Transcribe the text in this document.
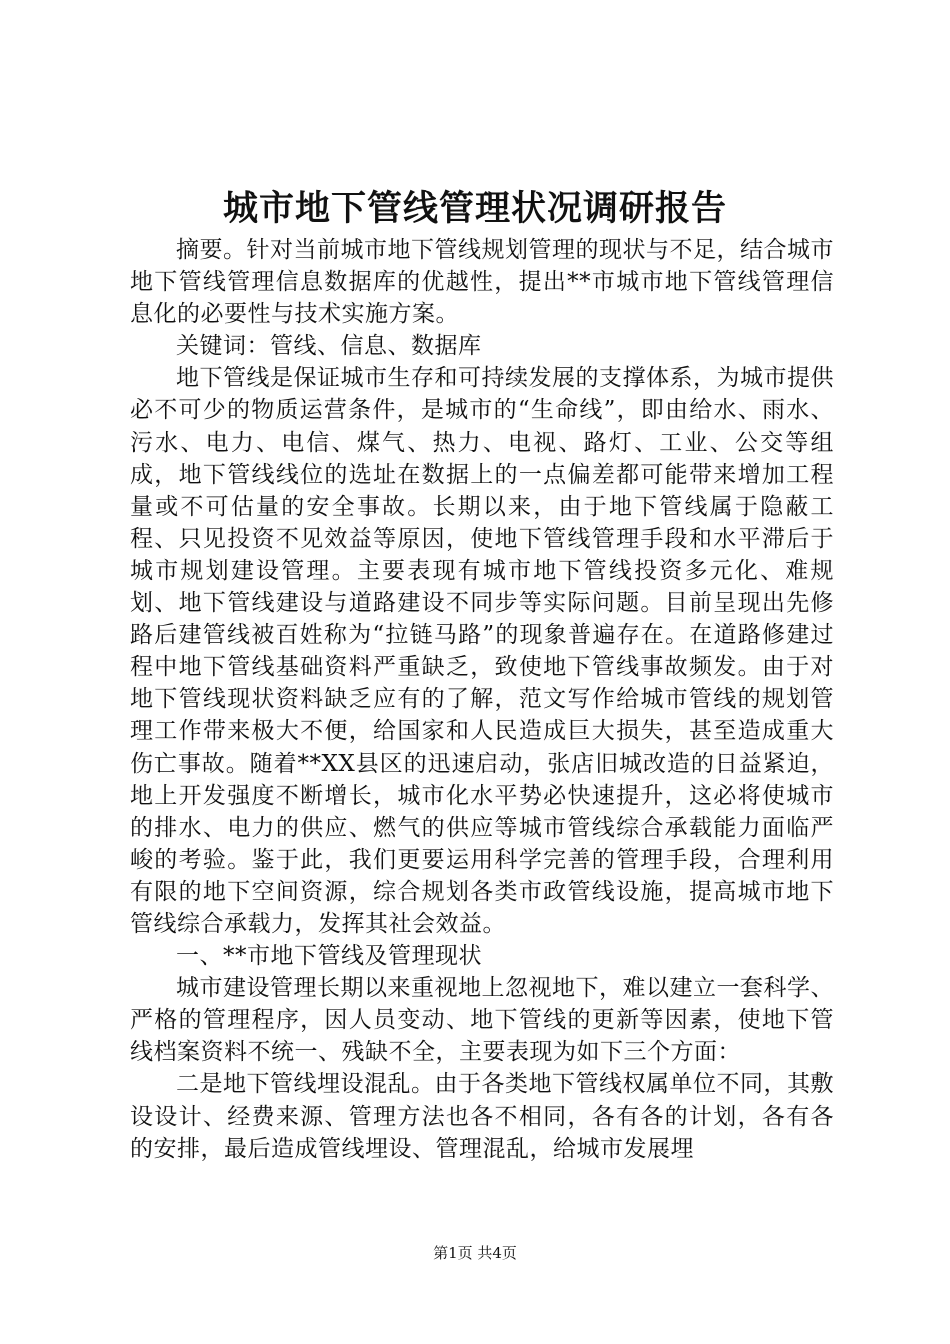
城市地下管线管理状况调研报告

摘要。针对当前城市地下管线规划管理的现状与不足，结合城市地下管线管理信息数据库的优越性，提出**市城市地下管线管理信息化的必要性与技术实施方案。

关键词：管线、信息、数据库

地下管线是保证城市生存和可持续发展的支撑体系，为城市提供必不可少的物质运营条件，是城市的“生命线”，即由给水、雨水、污水、电力、电信、煤气、热力、电视、路灯、工业、公交等组成，地下管线线位的选址在数据上的一点偏差都可能带来增加工程量或不可估量的安全事故。长期以来，由于地下管线属于隐蔽工程、只见投资不见效益等原因，使地下管线管理手段和水平滞后于城市规划建设管理。主要表现有城市地下管线投资多元化、难规划、地下管线建设与道路建设不同步等实际问题。目前呈现出先修路后建管线被百姓称为“拉链马路”的现象普遍存在。在道路修建过程中地下管线基础资料严重缺乏，致使地下管线事故频发。由于对地下管线现状资料缺乏应有的了解，范文写作给城市管线的规划管理工作带来极大不便，给国家和人民造成巨大损失，甚至造成重大伤亡事故。随着**XX县区的迅速启动，张店旧城改造的日益紧迫，地上开发强度不断增长，城市化水平势必快速提升，这必将使城市的排水、电力的供应、燃气的供应等城市管线综合承载能力面临严峻的考验。鉴于此，我们更要运用科学完善的管理手段，合理利用有限的地下空间资源，综合规划各类市政管线设施，提高城市地下管线综合承载力，发挥其社会效益。

一、**市地下管线及管理现状

城市建设管理长期以来重视地上忽视地下，难以建立一套科学、严格的管理程序，因人员变动、地下管线的更新等因素，使地下管线档案资料不统一、残缺不全，主要表现为如下三个方面：

二是地下管线埋设混乱。由于各类地下管线权属单位不同，其敷设设计、经费来源、管理方法也各不相同，各有各的计划，各有各的安排，最后造成管线埋设、管理混乱，给城市发展埋

第1页 共4页
